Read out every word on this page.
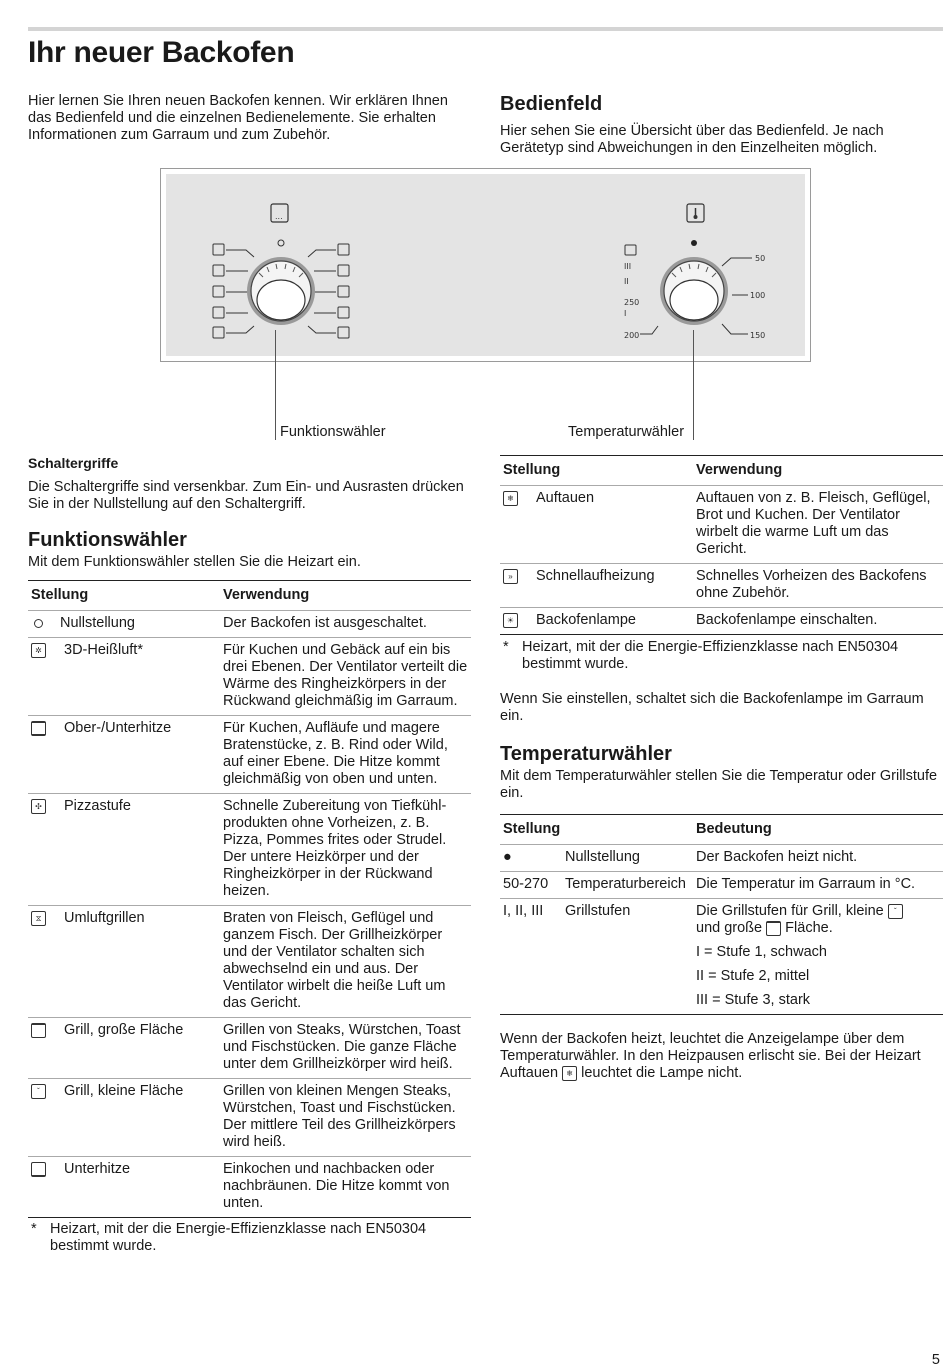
Ihr neuer Backofen

Hier lernen Sie Ihren neuen Backofen kennen. Wir erklären Ihnen das Bedienfeld und die einzelnen Bedienelemente. Sie erhalten Informationen zum Garraum und zum Zubehör.

Bedienfeld

Hier sehen Sie eine Übersicht über das Bedienfeld. Je nach Gerätetyp sind Abweichungen in den Einzelheiten möglich.

...
III
II
250
I
200
50
100
150
Funktionswähler	Temperaturwähler
Schaltergriffe

Die Schaltergriffe sind versenkbar. Zum Ein- und Ausrasten drücken Sie in der Nullstellung auf den Schaltergriff.

Funktionswähler

Mit dem Funktionswähler stellen Sie die Heizart ein.

Stellung	Verwendung
Nullstellung	Der Backofen ist ausgeschaltet.
✲ 3D-Heißluft*	Für Kuchen und Gebäck auf ein bis drei Ebenen. Der Ventilator verteilt die Wärme des Ringheizkörpers in der Rückwand gleichmäßig im Garraum.
Ober-/Unterhitze	Für Kuchen, Aufläufe und magere Bratenstücke, z. B. Rind oder Wild, auf einer Ebene. Die Hitze kommt gleichmäßig von oben und unten.
✣ Pizzastufe	Schnelle Zubereitung von Tiefkühlprodukten ohne Vorheizen, z. B. Pizza, Pommes frites oder Strudel. Der untere Heizkörper und der Ringheizkörper in der Rückwand heizen.
⧖ Umluftgrillen	Braten von Fleisch, Geflügel und ganzem Fisch. Der Grillheizkörper und der Ventilator schalten sich abwechselnd ein und aus. Der Ventilator wirbelt die heiße Luft um das Gericht.
Grill, große Fläche	Grillen von Steaks, Würstchen, Toast und Fischstücken. Die ganze Fläche unter dem Grillheizkörper wird heiß.
ˇ Grill, kleine Fläche	Grillen von kleinen Mengen Steaks, Würstchen, Toast und Fischstücken. Der mittlere Teil des Grillheizkörpers wird heiß.
Unterhitze	Einkochen und nachbacken oder nachbräunen. Die Hitze kommt von unten.
* Heizart, mit der die Energie-Effizienzklasse nach EN50304 bestimmt wurde.
Stellung	Verwendung
❄ Auftauen	Auftauen von z. B. Fleisch, Geflügel, Brot und Kuchen. Der Ventilator wirbelt die warme Luft um das Gericht.
» Schnellaufheizung	Schnelles Vorheizen des Backofens ohne Zubehör.
☀ Backofenlampe	Backofenlampe einschalten.
* Heizart, mit der die Energie-Effizienzklasse nach EN50304 bestimmt wurde.

Wenn Sie einstellen, schaltet sich die Backofenlampe im Garraum ein.

Temperaturwähler

Mit dem Temperaturwähler stellen Sie die Temperatur oder Grillstufe ein.

Stellung		Bedeutung
●	Nullstellung	Der Backofen heizt nicht.
50-270	Temperaturbereich	Die Temperatur im Garraum in °C.
I, II, III	Grillstufen	Die Grillstufen für Grill, kleine ˇ
und große Fläche.
I = Stufe 1, schwach
II = Stufe 2, mittel
III = Stufe 3, stark

Wenn der Backofen heizt, leuchtet die Anzeigelampe über dem Temperaturwähler. In den Heizpausen erlischt sie. Bei der Heizart Auftauen ❄ leuchtet die Lampe nicht.

5
